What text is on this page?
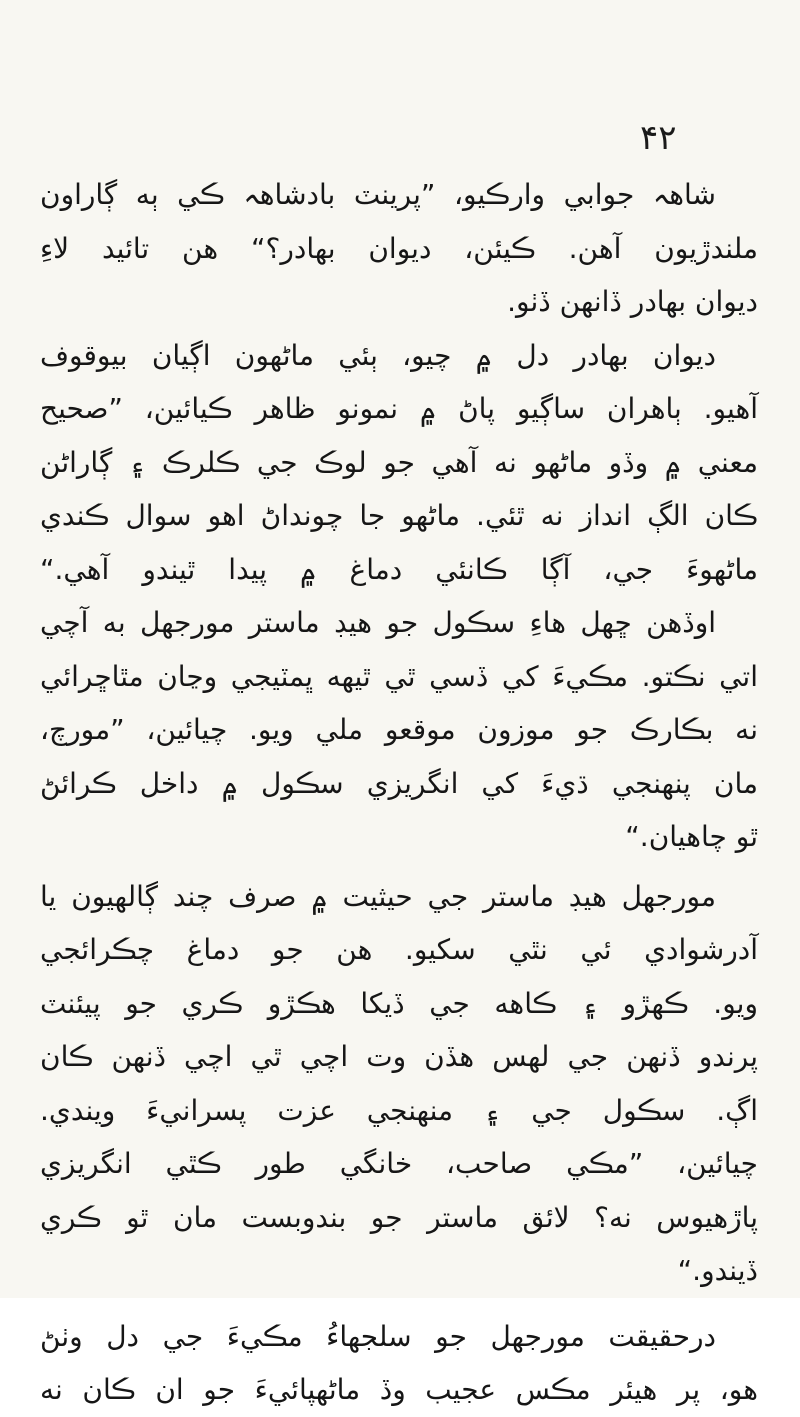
۴۲
شاهہ جوابي وارڪيو، ”پرينٽ بادشاهہ ڪي ٻه ڳاراون
ملندڙيون آهن. ڪيئن، ديوان بهادر؟“ هن تائيد لاءِ
ديوان بهادر ڏانهن ڏٺو.
ديوان بهادر دل ۾ چيو، ٻئي ماڻهون اڳيان بيوقوف
آهيو. ٻاهران ساڳيو پاڻ ۾ نمونو ظاهر ڪيائين، ”صحيح
معني ۾ وڏو ماڻهو نه آهي جو لوڪ جي ڪلرڪ ۽ ڳاراڻن
ڪان الڳ انداز نه ٿئي. ماڻهو جا چونداڻ اهو سوال ڪندي
ماڻهوءَ جي، آڳا ڪانئي دماغ ۾ پيدا ٿيندو آهي.“
اوڏهن ڇهل هاءِ سڪول جو هيڊ ماستر مورجهل به آچي
اتي نڪتو. مڪيءَ کي ڏسي ٿي ٿيهه ڀمٽيجي وڃان مٿاڇرائي
نه بڪارڪ جو موزون موقعو ملي ويو. چيائين، ”مورچ،
مان پنهنجي ڌيءَ کي انگريزي سڪول ۾ داخل ڪرائڻ
ٿو چاهيان.“
مورجهل هيڊ ماستر جي حيثيت ۾ صرف چند ڳالهيون يا
آدرشوادي ئي نٿي سکيو. هن جو دماغ چڪرائجي
ويو. ڪهڙو ۽ ڪاهه جي ڏيکا هڪڙو ڪري جو پيئنٽ
پرندو ڏنهن جي لهس هڏن وت اچي ٿي اچي ڏنهن ڪان
اڳ. سڪول جي ۽ منهنجي عزت پسرانيءَ ويندي.
چيائين، ”مڪي صاحب، خانگي طور ڪٿي انگريزي
پاڙهيوس نه؟ لائق ماستر جو بندوبست مان ٿو ڪري
ڏيندو.“
درحقيقت مورجهل جو سلجهاءُ مڪيءَ جي دل وٺڻ
هو، پر هيئر مڪس عجيب وڏ ماڻهپائيءَ جو ان ڪان نه
